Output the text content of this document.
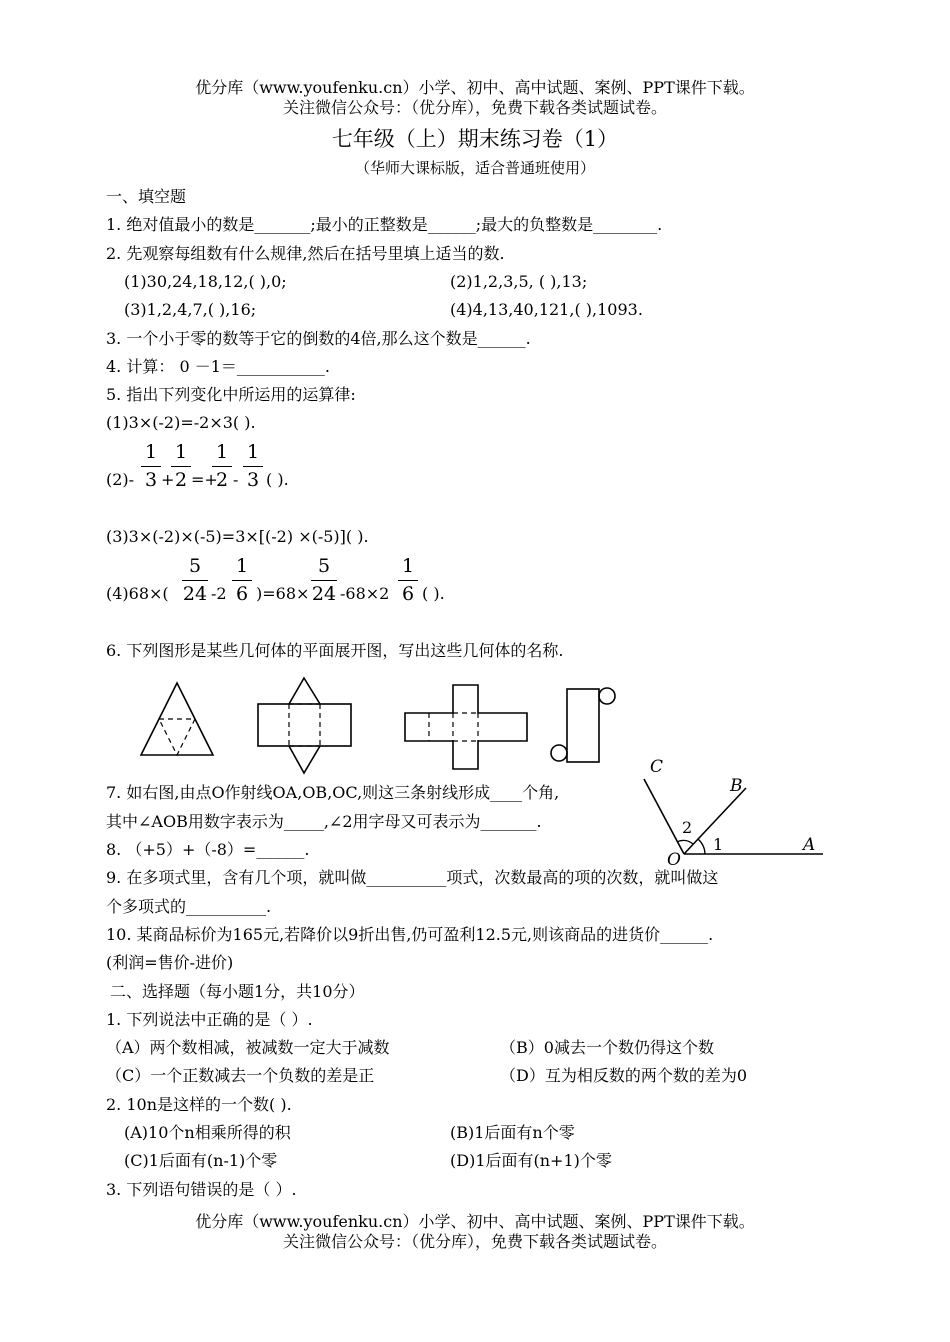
优分库（www.youfenku.cn）小学、初中、高中试题、案例、PPT课件下载。
关注微信公众号：（优分库），免费下载各类试题试卷。
七年级（上）期末练习卷（1）
（华师大课标版，适合普通班使用）
一、填空题
1. 绝对值最小的数是_______;最小的正整数是______;最大的负整数是________.
2. 先观察每组数有什么规律,然后在括号里填上适当的数.
(1)30,24,18,12,( ),0;	(2)1,2,3,5, ( ),13;
(3)1,2,4,7,( ),16;	(4)4,13,40,121,( ),1093.
3. 一个小于零的数等于它的倒数的4倍,那么这个数是______.
4. 计算： 0 －1＝___________.
5. 指出下列变化中所运用的运算律:
(1)3×(-2)=-2×3( ).
(2)-
1
3 +
1
2 =+
1
2 -
1
3 ( ).
(3)3×(-2)×(-5)=3×[(-2) ×(-5)]( ).
(4)68×(
5
24 -2
1
6 )=68×
5
24 -68×2
1
6 ( ).
6. 下列图形是某些几何体的平面展开图，写出这些几何体的名称.
C
B
A
O
1
2
7. 如右图,由点O作射线OA,OB,OC,则这三条射线形成____个角,
其中∠AOB用数字表示为_____,∠2用字母又可表示为_______.
8. （+5）+（-8）=______.
9. 在多项式里，含有几个项，就叫做__________项式，次数最高的项的次数，就叫做这
个多项式的__________.
10. 某商品标价为165元,若降价以9折出售,仍可盈利12.5元,则该商品的进货价______.
(利润=售价-进价)
二、选择题（每小题1分，共10分）
1. 下列说法中正确的是（ ）.
（A）两个数相减，被减数一定大于减数	（B）0减去一个数仍得这个数
（C）一个正数减去一个负数的差是正	（D）互为相反数的两个数的差为0
2. 10n是这样的一个数( ).
(A)10个n相乘所得的积	(B)1后面有n个零
(C)1后面有(n-1)个零	(D)1后面有(n+1)个零
3. 下列语句错误的是（ ）.
优分库（www.youfenku.cn）小学、初中、高中试题、案例、PPT课件下载。
关注微信公众号：（优分库），免费下载各类试题试卷。
